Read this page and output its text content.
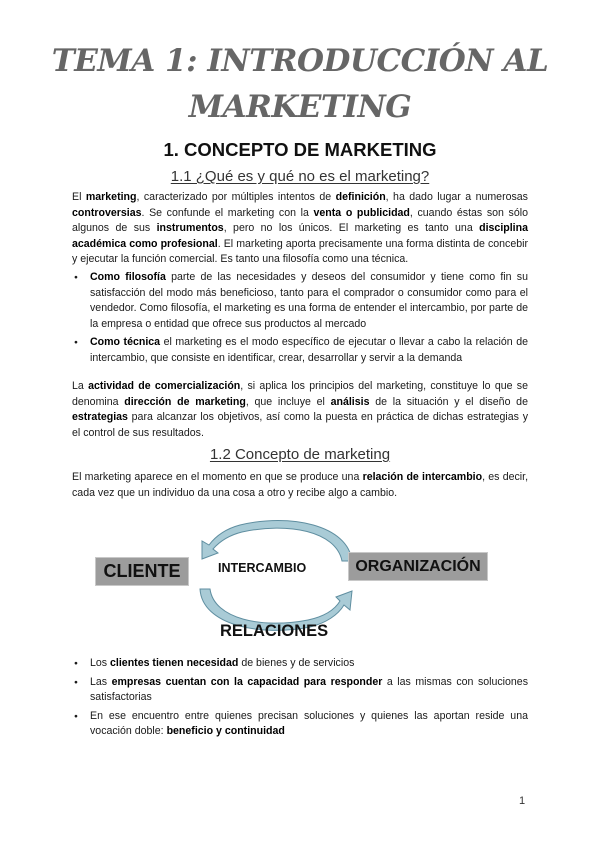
TEMA 1: INTRODUCCIÓN AL
MARKETING
1. CONCEPTO DE MARKETING
1.1 ¿Qué es y qué no es el marketing?
El marketing, caracterizado por múltiples intentos de definición, ha dado lugar a numerosas controversias. Se confunde el marketing con la venta o publicidad, cuando éstas son sólo algunos de sus instrumentos, pero no los únicos. El marketing es tanto una disciplina académica como profesional. El marketing aporta precisamente una forma distinta de concebir y ejecutar la función comercial. Es tanto una filosofía como una técnica.
● Como filosofía parte de las necesidades y deseos del consumidor y tiene como fin su satisfacción del modo más beneficioso, tanto para el comprador o consumidor como para el vendedor. Como filosofía, el marketing es una forma de entender el intercambio, por parte de la empresa o entidad que ofrece sus productos al mercado
● Como técnica el marketing es el modo específico de ejecutar o llevar a cabo la relación de intercambio, que consiste en identificar, crear, desarrollar y servir a la demanda
La actividad de comercialización, si aplica los principios del marketing, constituye lo que se denomina dirección de marketing, que incluye el análisis de la situación y el diseño de estrategias para alcanzar los objetivos, así como la puesta en práctica de dichas estrategias y el control de sus resultados.
1.2 Concepto de marketing
El marketing aparece en el momento en que se produce una relación de intercambio, es decir, cada vez que un individuo da una cosa a otro y recibe algo a cambio.
CLIENTE	INTERCAMBIO	ORGANIZACIÓN
RELACIONES
● Los clientes tienen necesidad de bienes y de servicios
● Las empresas cuentan con la capacidad para responder a las mismas con soluciones satisfactorias
● En ese encuentro entre quienes precisan soluciones y quienes las aportan reside una vocación doble: beneficio y continuidad
1
